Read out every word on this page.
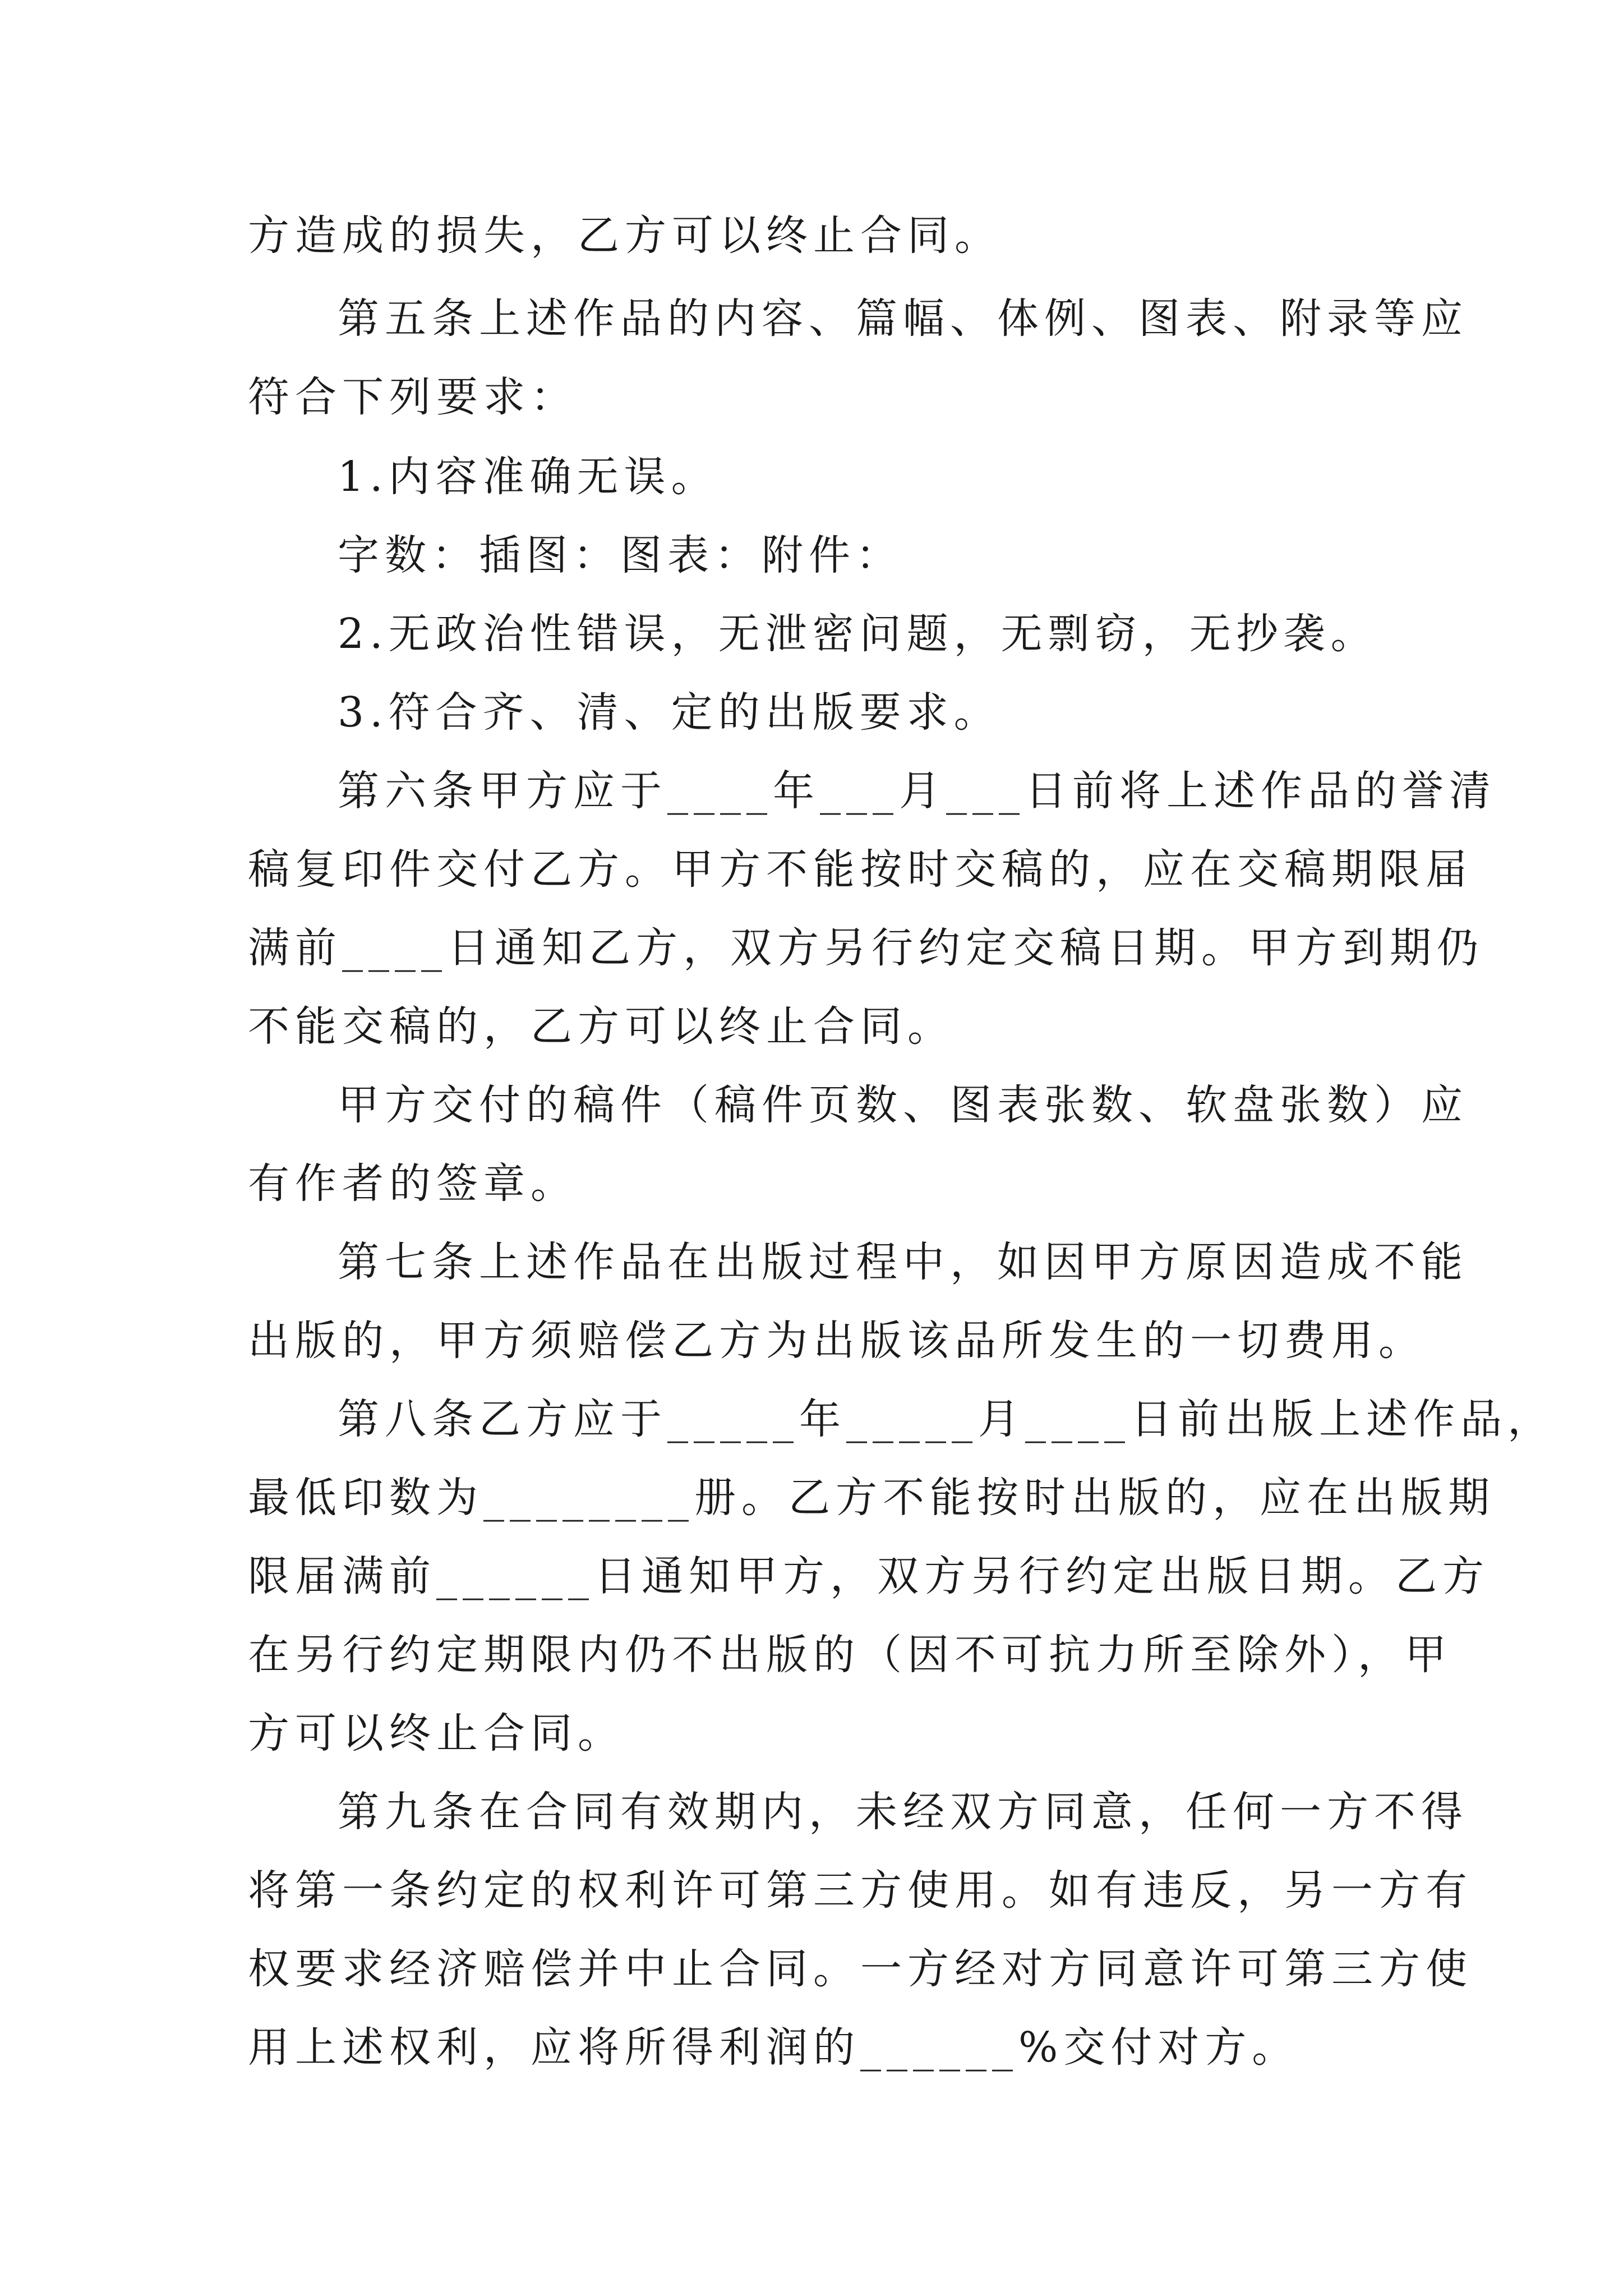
方造成的损失，乙方可以终止合同。
第五条上述作品的内容、篇幅、体例、图表、附录等应
符合下列要求：
1.内容准确无误。
字数：插图：图表：附件：
2.无政治性错误，无泄密问题，无剽窃，无抄袭。
3.符合齐、清、定的出版要求。
第六条甲方应于____年___月___日前将上述作品的誉清
稿复印件交付乙方。甲方不能按时交稿的，应在交稿期限届
满前____日通知乙方，双方另行约定交稿日期。甲方到期仍
不能交稿的，乙方可以终止合同。
甲方交付的稿件（稿件页数、图表张数、软盘张数）应
有作者的签章。
第七条上述作品在出版过程中，如因甲方原因造成不能
出版的，甲方须赔偿乙方为出版该品所发生的一切费用。
第八条乙方应于_____年_____月____日前出版上述作品，
最低印数为________册。乙方不能按时出版的，应在出版期
限届满前______日通知甲方，双方另行约定出版日期。乙方
在另行约定期限内仍不出版的（因不可抗力所至除外），甲
方可以终止合同。
第九条在合同有效期内，未经双方同意，任何一方不得
将第一条约定的权利许可第三方使用。如有违反，另一方有
权要求经济赔偿并中止合同。一方经对方同意许可第三方使
用上述权利，应将所得利润的______%交付对方。
